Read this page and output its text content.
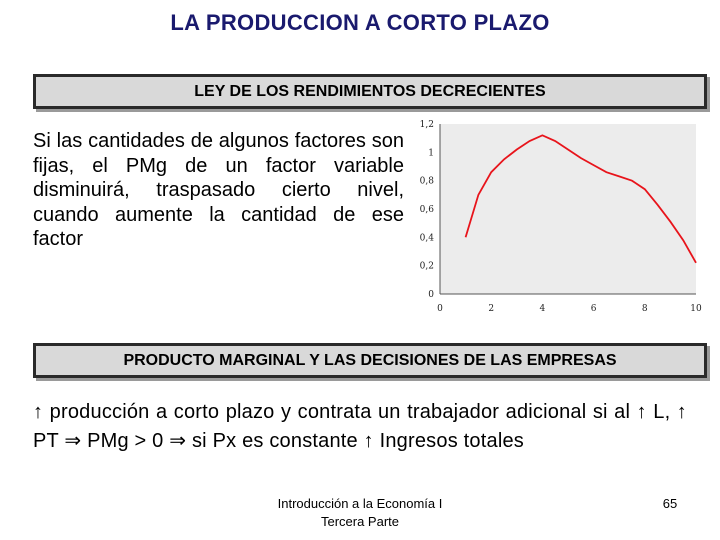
LA PRODUCCION A CORTO PLAZO
LEY DE LOS RENDIMIENTOS DECRECIENTES
Si las cantidades de algunos factores son fijas, el PMg de un factor variable disminuirá, traspasado cierto nivel, cuando aumente la cantidad de ese factor
0	2	4	6	8	10
0
0,2
0,4
0,6
0,8
1
1,2
PRODUCTO MARGINAL Y LAS DECISIONES DE LAS EMPRESAS
↑ producción a corto plazo y contrata un trabajador adicional si al ↑ L, ↑ PT ⇒ PMg > 0 ⇒ si Px es constante ↑ Ingresos totales
Introducción a la Economía I
Tercera Parte
65
